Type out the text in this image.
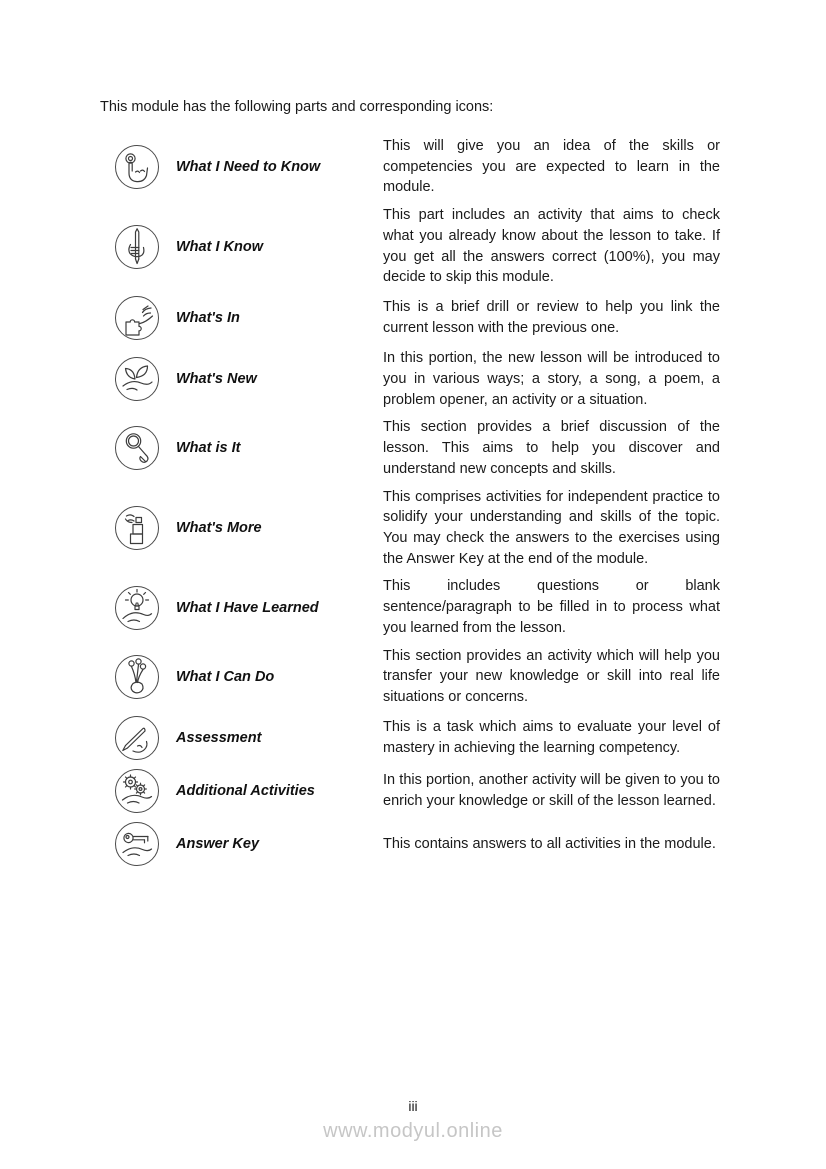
This module has the following parts and corresponding icons:

What I Need to Know
This will give you an idea of the skills or competencies you are expected to learn in the module.
What I Know
This part includes an activity that aims to check what you already know about the lesson to take. If you get all the answers correct (100%), you may decide to skip this module.
What's In
This is a brief drill or review to help you link the current lesson with the previous one.
What's New
In this portion, the new lesson will be introduced to you in various ways; a story, a song, a poem, a problem opener, an activity or a situation.
What is It
This section provides a brief discussion of the lesson. This aims to help you discover and understand new concepts and skills.
What's More
This comprises activities for independent practice to solidify your understanding and skills of the topic. You may check the answers to the exercises using the Answer Key at the end of the module.
What I Have Learned
This includes questions or blank sentence/paragraph to be filled in to process what you learned from the lesson.
What I Can Do
This section provides an activity which will help you transfer your new knowledge or skill into real life situations or concerns.
Assessment
This is a task which aims to evaluate your level of mastery in achieving the learning competency.
Additional Activities
In this portion, another activity will be given to you to enrich your knowledge or skill of the lesson learned.
Answer Key	This contains answers to all activities in the module.
iii
www.modyul.online
